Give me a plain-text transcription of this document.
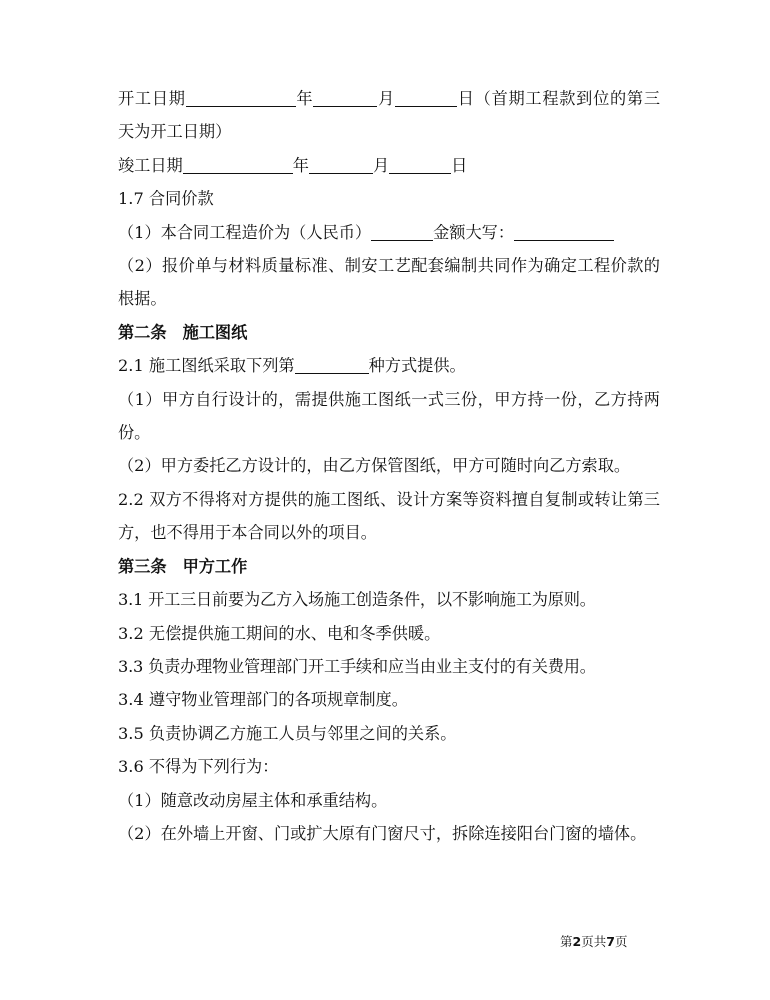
开工日期	年	月	日（首期工程款到位的第三天为开工日期）

竣工日期	年	月	日

1.7 合同价款

（1）本合同工程造价为（人民币）	金额大写：

（2）报价单与材料质量标准、制安工艺配套编制共同作为确定工程价款的根据。

第二条 施工图纸

2.1 施工图纸采取下列第	种方式提供。

（1）甲方自行设计的，需提供施工图纸一式三份，甲方持一份，乙方持两份。

（2）甲方委托乙方设计的，由乙方保管图纸，甲方可随时向乙方索取。

2.2 双方不得将对方提供的施工图纸、设计方案等资料擅自复制或转让第三方，也不得用于本合同以外的项目。

第三条 甲方工作

3.1 开工三日前要为乙方入场施工创造条件，以不影响施工为原则。

3.2 无偿提供施工期间的水、电和冬季供暖。

3.3 负责办理物业管理部门开工手续和应当由业主支付的有关费用。

3.4 遵守物业管理部门的各项规章制度。

3.5 负责协调乙方施工人员与邻里之间的关系。

3.6 不得为下列行为：

（1）随意改动房屋主体和承重结构。

（2）在外墙上开窗、门或扩大原有门窗尺寸，拆除连接阳台门窗的墙体。

第2页共7页
